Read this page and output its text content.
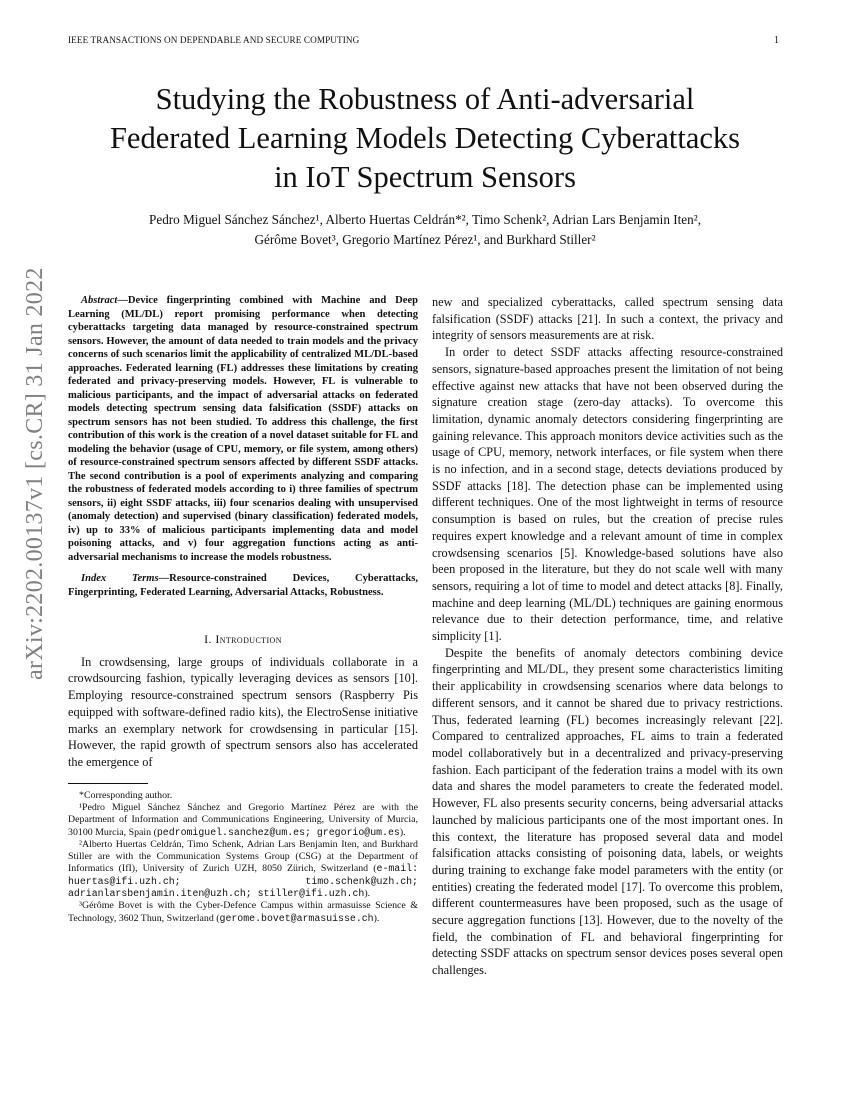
IEEE TRANSACTIONS ON DEPENDABLE AND SECURE COMPUTING	1
Studying the Robustness of Anti-adversarial
Federated Learning Models Detecting Cyberattacks
in IoT Spectrum Sensors
Pedro Miguel Sánchez Sánchez¹, Alberto Huertas Celdrán*², Timo Schenk², Adrian Lars Benjamin Iten²,
Gérôme Bovet³, Gregorio Martínez Pérez¹, and Burkhard Stiller²
arXiv:2202.00137v1 [cs.CR] 31 Jan 2022	Abstract—Device fingerprinting combined with Machine and Deep Learning (ML/DL) report promising performance when detecting cyberattacks targeting data managed by resource-constrained spectrum sensors. However, the amount of data needed to train models and the privacy concerns of such scenarios limit the applicability of centralized ML/DL-based approaches. Federated learning (FL) addresses these limitations by creating federated and privacy-preserving models. However, FL is vulnerable to malicious participants, and the impact of adversarial attacks on federated models detecting spectrum sensing data falsification (SSDF) attacks on spectrum sensors has not been studied. To address this challenge, the first contribution of this work is the creation of a novel dataset suitable for FL and modeling the behavior (usage of CPU, memory, or file system, among others) of resource-constrained spectrum sensors affected by different SSDF attacks. The second contribution is a pool of experiments analyzing and comparing the robustness of federated models according to i) three families of spectrum sensors, ii) eight SSDF attacks, iii) four scenarios dealing with unsupervised (anomaly detection) and supervised (binary classification) federated models, iv) up to 33% of malicious participants implementing data and model poisoning attacks, and v) four aggregation functions acting as anti-adversarial mechanisms to increase the models robustness.

Index Terms—Resource-constrained Devices, Cyberattacks, Fingerprinting, Federated Learning, Adversarial Attacks, Robustness.

I. Introduction

In crowdsensing, large groups of individuals collaborate in a crowdsourcing fashion, typically leveraging devices as sensors [10]. Employing resource-constrained spectrum sensors (Raspberry Pis equipped with software-defined radio kits), the ElectroSense initiative marks an exemplary network for crowdsensing in particular [15]. However, the rapid growth of spectrum sensors also has accelerated the emergence of

*Corresponding author.

¹Pedro Miguel Sánchez Sánchez and Gregorio Martínez Pérez are with the Department of Information and Communications Engineering, University of Murcia, 30100 Murcia, Spain (pedromiguel.sanchez@um.es; gregorio@um.es).

²Alberto Huertas Celdrán, Timo Schenk, Adrian Lars Benjamin Iten, and Burkhard Stiller are with the Communication Systems Group (CSG) at the Department of Informatics (IfI), University of Zurich UZH, 8050 Zürich, Switzerland (e-mail: huertas@ifi.uzh.ch; timo.schenk@uzh.ch; adrianlarsbenjamin.iten@uzh.ch; stiller@ifi.uzh.ch).

³Gérôme Bovet is with the Cyber-Defence Campus within armasuisse Science & Technology, 3602 Thun, Switzerland (gerome.bovet@armasuisse.ch).

new and specialized cyberattacks, called spectrum sensing data falsification (SSDF) attacks [21]. In such a context, the privacy and integrity of sensors measurements are at risk.

In order to detect SSDF attacks affecting resource-constrained sensors, signature-based approaches present the limitation of not being effective against new attacks that have not been observed during the signature creation stage (zero-day attacks). To overcome this limitation, dynamic anomaly detectors considering fingerprinting are gaining relevance. This approach monitors device activities such as the usage of CPU, memory, network interfaces, or file system when there is no infection, and in a second stage, detects deviations produced by SSDF attacks [18]. The detection phase can be implemented using different techniques. One of the most lightweight in terms of resource consumption is based on rules, but the creation of precise rules requires expert knowledge and a relevant amount of time in complex crowdsensing scenarios [5]. Knowledge-based solutions have also been proposed in the literature, but they do not scale well with many sensors, requiring a lot of time to model and detect attacks [8]. Finally, machine and deep learning (ML/DL) techniques are gaining enormous relevance due to their detection performance, time, and relative simplicity [1].

Despite the benefits of anomaly detectors combining device fingerprinting and ML/DL, they present some characteristics limiting their applicability in crowdsensing scenarios where data belongs to different sensors, and it cannot be shared due to privacy restrictions. Thus, federated learning (FL) becomes increasingly relevant [22]. Compared to centralized approaches, FL aims to train a federated model collaboratively but in a decentralized and privacy-preserving fashion. Each participant of the federation trains a model with its own data and shares the model parameters to create the federated model. However, FL also presents security concerns, being adversarial attacks launched by malicious participants one of the most important ones. In this context, the literature has proposed several data and model falsification attacks consisting of poisoning data, labels, or weights during training to exchange fake model parameters with the entity (or entities) creating the federated model [17]. To overcome this problem, different countermeasures have been proposed, such as the usage of secure aggregation functions [13]. However, due to the novelty of the field, the combination of FL and behavioral fingerprinting for detecting SSDF attacks on spectrum sensor devices poses several open challenges.
